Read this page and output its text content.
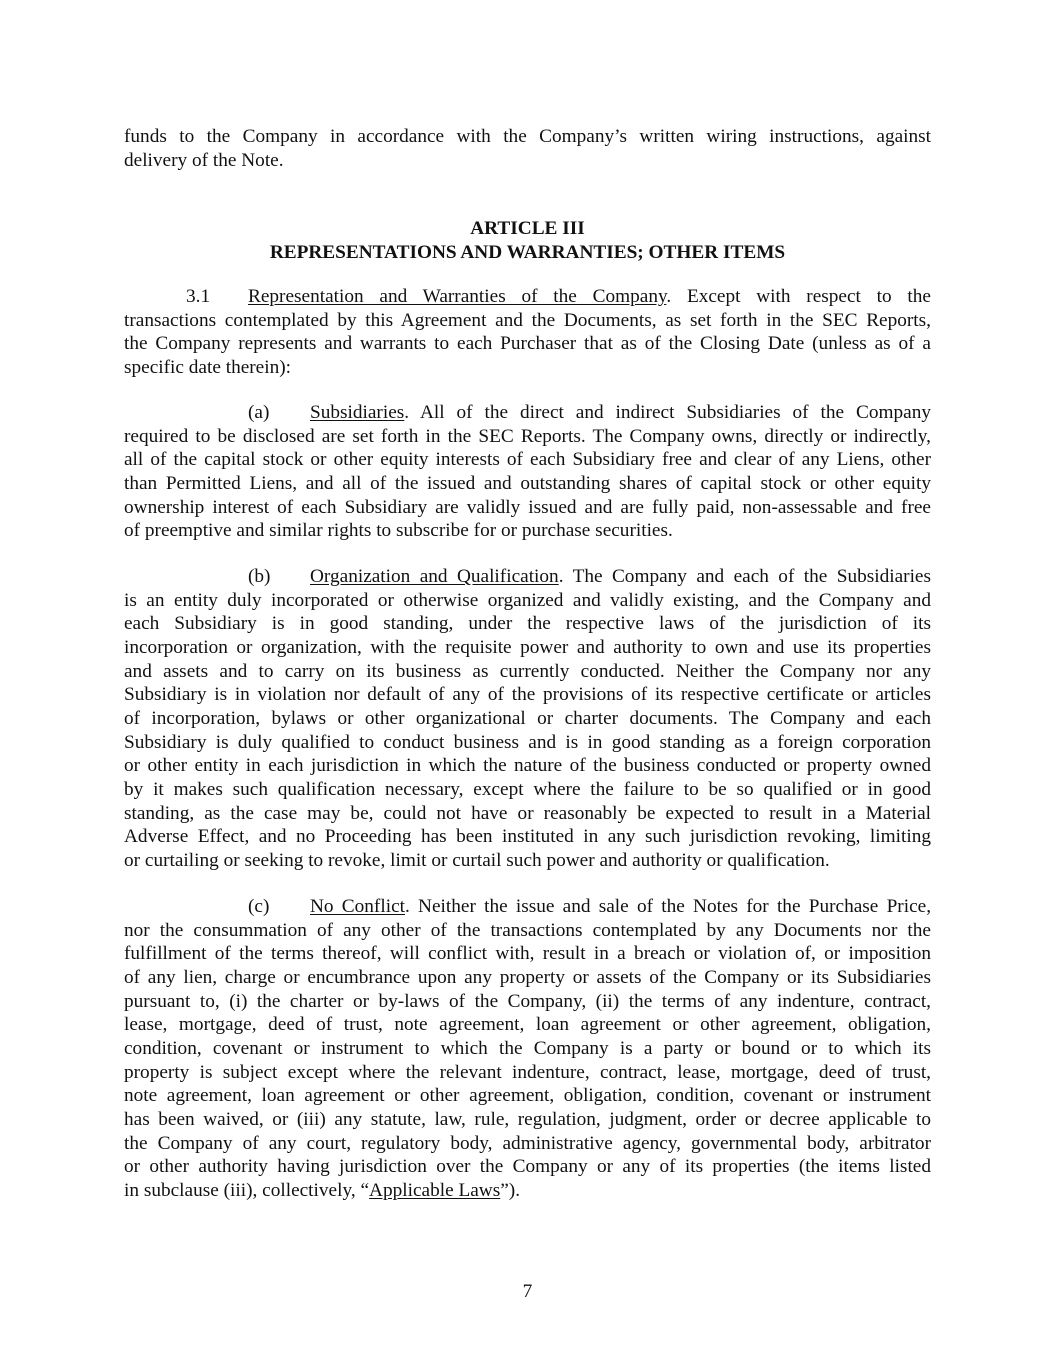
funds to the Company in accordance with the Company’s written wiring instructions, against
delivery of the Note.
ARTICLE III
REPRESENTATIONS AND WARRANTIES; OTHER ITEMS
3.1 Representation and Warranties of the Company. Except with respect to the
transactions contemplated by this Agreement and the Documents, as set forth in the SEC Reports,
the Company represents and warrants to each Purchaser that as of the Closing Date (unless as of a
specific date therein):
(a) Subsidiaries. All of the direct and indirect Subsidiaries of the Company
required to be disclosed are set forth in the SEC Reports. The Company owns, directly or indirectly,
all of the capital stock or other equity interests of each Subsidiary free and clear of any Liens, other
than Permitted Liens, and all of the issued and outstanding shares of capital stock or other equity
ownership interest of each Subsidiary are validly issued and are fully paid, non-assessable and free
of preemptive and similar rights to subscribe for or purchase securities.
(b) Organization and Qualification. The Company and each of the Subsidiaries
is an entity duly incorporated or otherwise organized and validly existing, and the Company and
each Subsidiary is in good standing, under the respective laws of the jurisdiction of its
incorporation or organization, with the requisite power and authority to own and use its properties
and assets and to carry on its business as currently conducted. Neither the Company nor any
Subsidiary is in violation nor default of any of the provisions of its respective certificate or articles
of incorporation, bylaws or other organizational or charter documents. The Company and each
Subsidiary is duly qualified to conduct business and is in good standing as a foreign corporation
or other entity in each jurisdiction in which the nature of the business conducted or property owned
by it makes such qualification necessary, except where the failure to be so qualified or in good
standing, as the case may be, could not have or reasonably be expected to result in a Material
Adverse Effect, and no Proceeding has been instituted in any such jurisdiction revoking, limiting
or curtailing or seeking to revoke, limit or curtail such power and authority or qualification.
(c) No Conflict. Neither the issue and sale of the Notes for the Purchase Price,
nor the consummation of any other of the transactions contemplated by any Documents nor the
fulfillment of the terms thereof, will conflict with, result in a breach or violation of, or imposition
of any lien, charge or encumbrance upon any property or assets of the Company or its Subsidiaries
pursuant to, (i) the charter or by-laws of the Company, (ii) the terms of any indenture, contract,
lease, mortgage, deed of trust, note agreement, loan agreement or other agreement, obligation,
condition, covenant or instrument to which the Company is a party or bound or to which its
property is subject except where the relevant indenture, contract, lease, mortgage, deed of trust,
note agreement, loan agreement or other agreement, obligation, condition, covenant or instrument
has been waived, or (iii) any statute, law, rule, regulation, judgment, order or decree applicable to
the Company of any court, regulatory body, administrative agency, governmental body, arbitrator
or other authority having jurisdiction over the Company or any of its properties (the items listed
in subclause (iii), collectively, “Applicable Laws”).
7
